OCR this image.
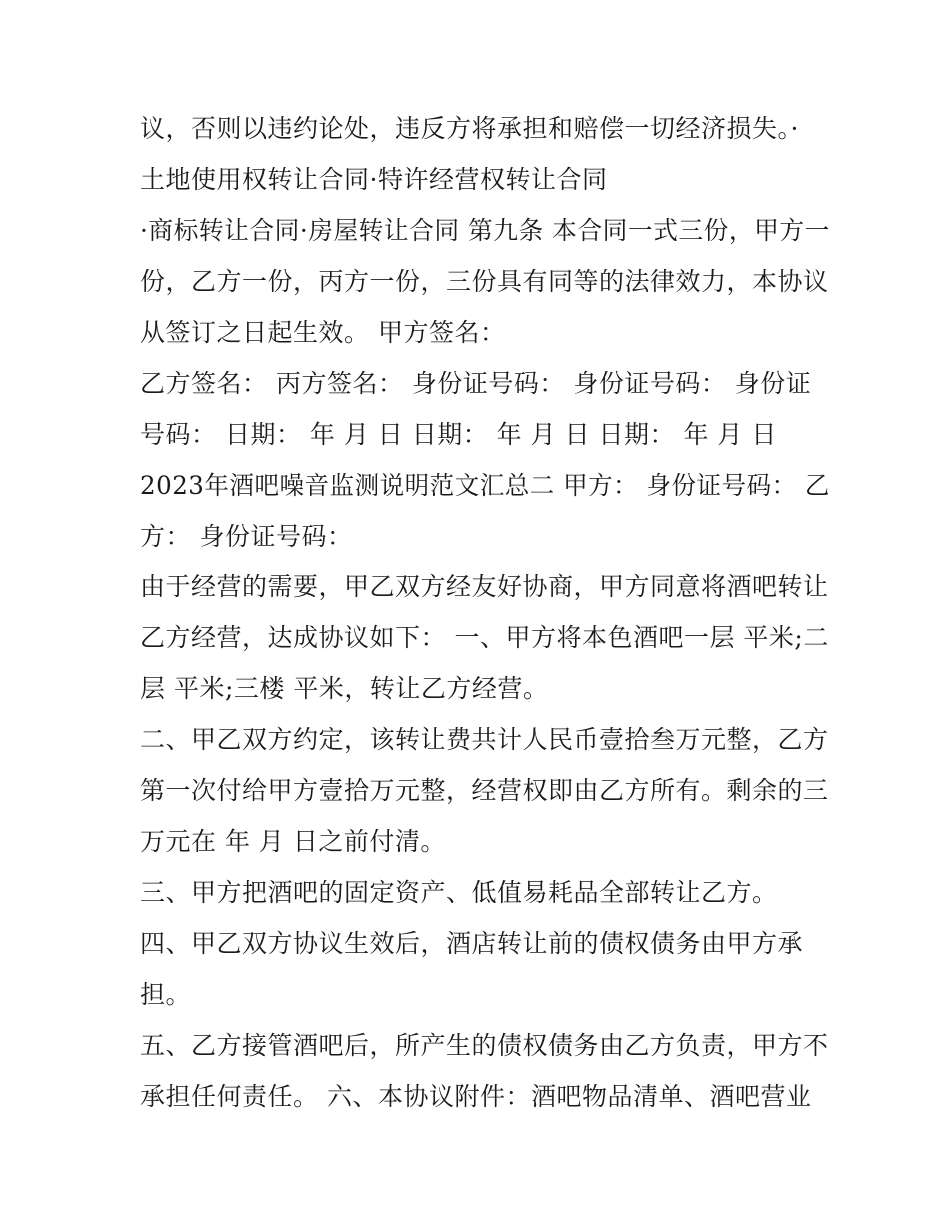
议，否则以违约论处，违反方将承担和赔偿一切经济损失。·
土地使用权转让合同·特许经营权转让合同
·商标转让合同·房屋转让合同 第九条 本合同一式三份，甲方一
份，乙方一份，丙方一份，三份具有同等的法律效力，本协议
从签订之日起生效。 甲方签名：
乙方签名： 丙方签名： 身份证号码： 身份证号码： 身份证
号码： 日期： 年 月 日 日期： 年 月 日 日期： 年 月 日
2023年酒吧噪音监测说明范文汇总二 甲方： 身份证号码： 乙
方： 身份证号码：
由于经营的需要，甲乙双方经友好协商，甲方同意将酒吧转让
乙方经营，达成协议如下： 一、甲方将本色酒吧一层 平米;二
层 平米;三楼 平米，转让乙方经营。
二、甲乙双方约定，该转让费共计人民币壹拾叁万元整，乙方
第一次付给甲方壹拾万元整，经营权即由乙方所有。剩余的三
万元在 年 月 日之前付清。
三、甲方把酒吧的固定资产、低值易耗品全部转让乙方。
四、甲乙双方协议生效后，酒店转让前的债权债务由甲方承
担。
五、乙方接管酒吧后，所产生的债权债务由乙方负责，甲方不
承担任何责任。 六、本协议附件：酒吧物品清单、酒吧营业
